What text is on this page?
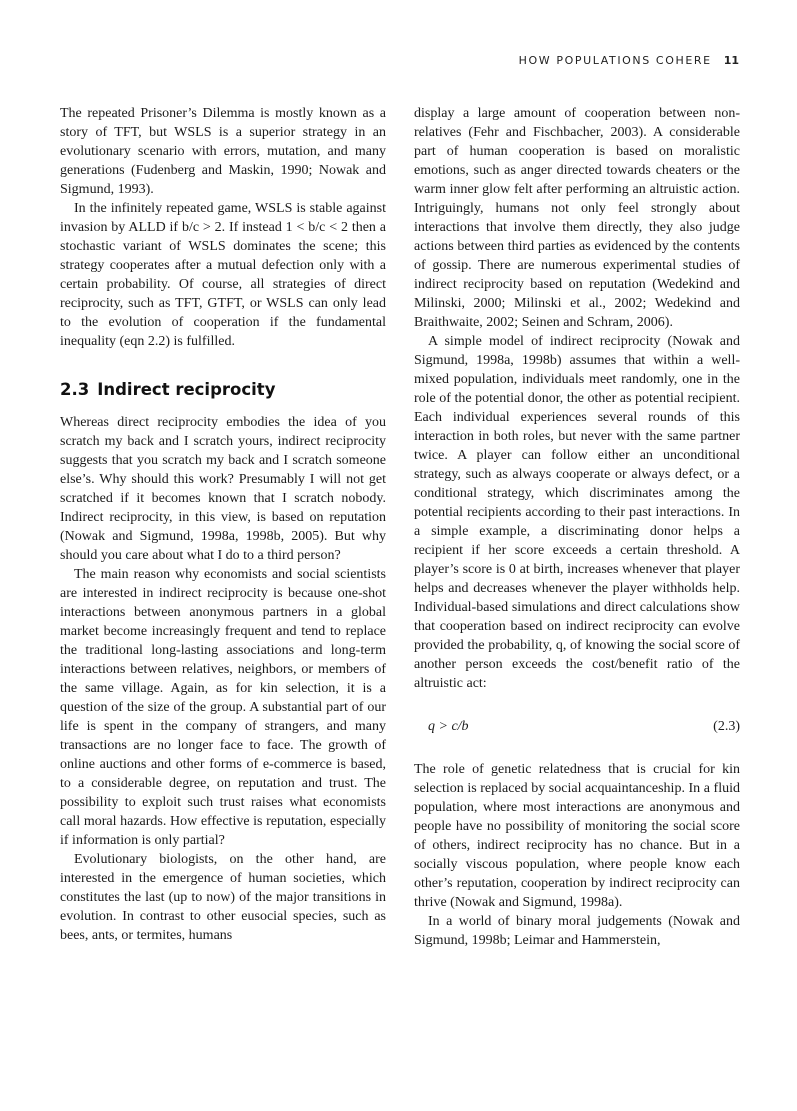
HOW POPULATIONS COHERE 11

The repeated Prisoner’s Dilemma is mostly known as a story of TFT, but WSLS is a superior strategy in an evolutionary scenario with errors, mutation, and many generations (Fudenberg and Maskin, 1990; Nowak and Sigmund, 1993).

In the infinitely repeated game, WSLS is stable against invasion by ALLD if b/c > 2. If instead 1 < b/c < 2 then a stochastic variant of WSLS dominates the scene; this strategy cooperates after a mutual defection only with a certain probability. Of course, all strategies of direct reciprocity, such as TFT, GTFT, or WSLS can only lead to the evolution of cooperation if the fundamental inequality (eqn 2.2) is fulfilled.

2.3 Indirect reciprocity

Whereas direct reciprocity embodies the idea of you scratch my back and I scratch yours, indirect reciprocity suggests that you scratch my back and I scratch someone else’s. Why should this work? Presumably I will not get scratched if it becomes known that I scratch nobody. Indirect reciprocity, in this view, is based on reputation (Nowak and Sigmund, 1998a, 1998b, 2005). But why should you care about what I do to a third person?

The main reason why economists and social scientists are interested in indirect reciprocity is because one-shot interactions between anonymous partners in a global market become increasingly frequent and tend to replace the traditional long-lasting associations and long-term interactions between relatives, neighbors, or members of the same village. Again, as for kin selection, it is a question of the size of the group. A substantial part of our life is spent in the company of strangers, and many transactions are no longer face to face. The growth of online auctions and other forms of e-commerce is based, to a considerable degree, on reputation and trust. The possibility to exploit such trust raises what economists call moral hazards. How effective is reputation, especially if information is only partial?

Evolutionary biologists, on the other hand, are interested in the emergence of human societies, which constitutes the last (up to now) of the major transitions in evolution. In contrast to other eusocial species, such as bees, ants, or termites, humans

display a large amount of cooperation between non-relatives (Fehr and Fischbacher, 2003). A considerable part of human cooperation is based on moralistic emotions, such as anger directed towards cheaters or the warm inner glow felt after performing an altruistic action. Intriguingly, humans not only feel strongly about interactions that involve them directly, they also judge actions between third parties as evidenced by the contents of gossip. There are numerous experimental studies of indirect reciprocity based on reputation (Wedekind and Milinski, 2000; Milinski et al., 2002; Wedekind and Braithwaite, 2002; Seinen and Schram, 2006).

A simple model of indirect reciprocity (Nowak and Sigmund, 1998a, 1998b) assumes that within a well-mixed population, individuals meet randomly, one in the role of the potential donor, the other as potential recipient. Each individual experiences several rounds of this interaction in both roles, but never with the same partner twice. A player can follow either an unconditional strategy, such as always cooperate or always defect, or a conditional strategy, which discriminates among the potential recipients according to their past interactions. In a simple example, a discriminating donor helps a recipient if her score exceeds a certain threshold. A player’s score is 0 at birth, increases whenever that player helps and decreases whenever the player withholds help. Individual-based simulations and direct calculations show that cooperation based on indirect reciprocity can evolve provided the probability, q, of knowing the social score of another person exceeds the cost/benefit ratio of the altruistic act:

q > c/b	(2.3)

The role of genetic relatedness that is crucial for kin selection is replaced by social acquaintanceship. In a fluid population, where most interactions are anonymous and people have no possibility of monitoring the social score of others, indirect reciprocity has no chance. But in a socially viscous population, where people know each other’s reputation, cooperation by indirect reciprocity can thrive (Nowak and Sigmund, 1998a).

In a world of binary moral judgements (Nowak and Sigmund, 1998b; Leimar and Hammerstein,
